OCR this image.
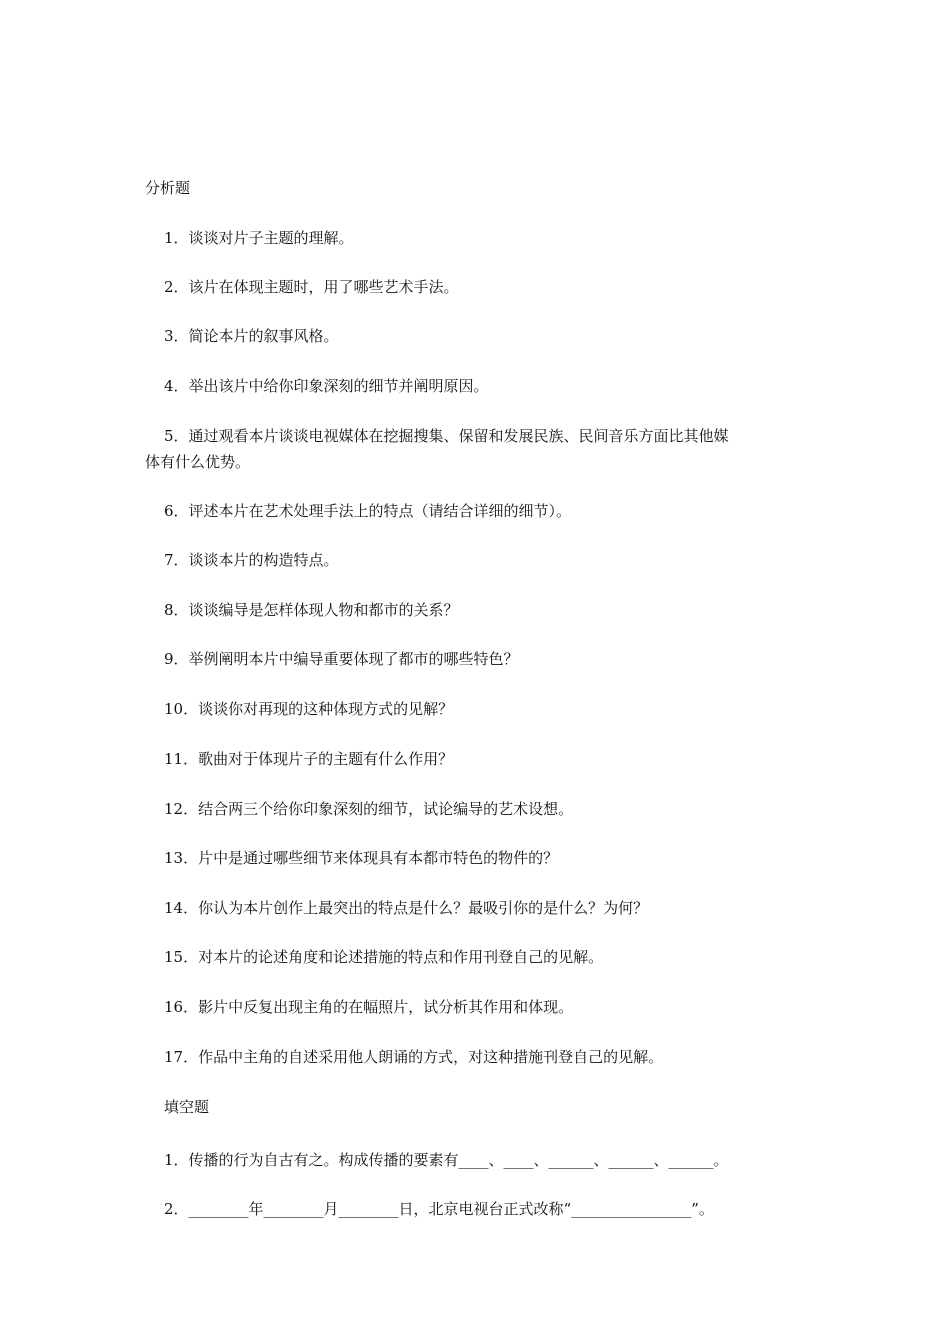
分析题
1．谈谈对片子主题的理解。
2．该片在体现主题时，用了哪些艺术手法。
3．简论本片的叙事风格。
4．举出该片中给你印象深刻的细节并阐明原因。
5．通过观看本片谈谈电视媒体在挖掘搜集、保留和发展民族、民间音乐方面比其他媒
体有什么优势。
6．评述本片在艺术处理手法上的特点（请结合详细的细节）。
7．谈谈本片的构造特点。
8．谈谈编导是怎样体现人物和都市的关系？
9．举例阐明本片中编导重要体现了都市的哪些特色？
10．谈谈你对再现的这种体现方式的见解？
11．歌曲对于体现片子的主题有什么作用？
12．结合两三个给你印象深刻的细节，试论编导的艺术设想。
13．片中是通过哪些细节来体现具有本都市特色的物件的？
14．你认为本片创作上最突出的特点是什么？最吸引你的是什么？为何？
15．对本片的论述角度和论述措施的特点和作用刊登自己的见解。
16．影片中反复出现主角的在幅照片，试分析其作用和体现。
17．作品中主角的自述采用他人朗诵的方式，对这种措施刊登自己的见解。
填空题
1．传播的行为自古有之。构成传播的要素有____、____、______、______、______。
2．________年________月________日，北京电视台正式改称“________________”。
